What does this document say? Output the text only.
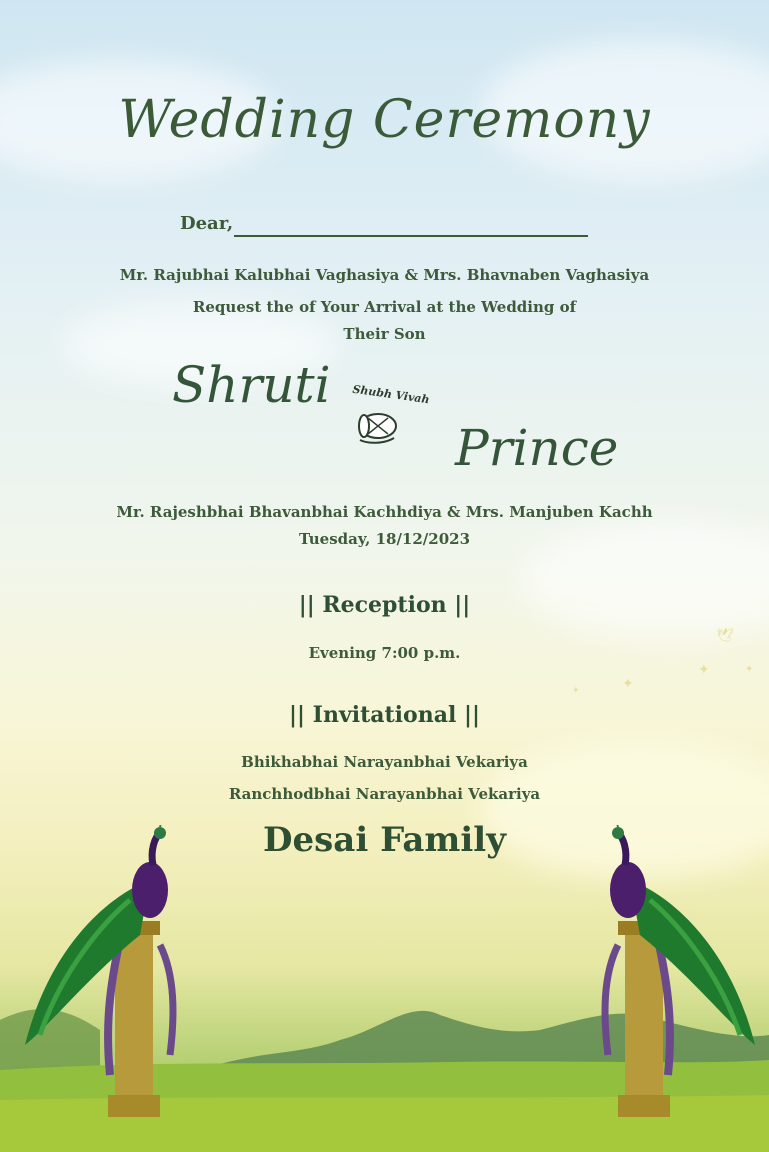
🕊
✦
✦
✦
✦
Wedding Ceremony
Dear,
Mr. Rajubhai Kalubhai Vaghasiya & Mrs. Bhavnaben Vaghasiya
Request the of Your Arrival at the Wedding of
Their Son
Shruti Shubh Vivah
Prince
Mr. Rajeshbhai Bhavanbhai Kachhdiya & Mrs. Manjuben Kachh
Tuesday, 18/12/2023
|| Reception ||
Evening 7:00 p.m.
|| Invitational ||
Bhikhabhai Narayanbhai Vekariya
Ranchhodbhai Narayanbhai Vekariya
Desai Family
